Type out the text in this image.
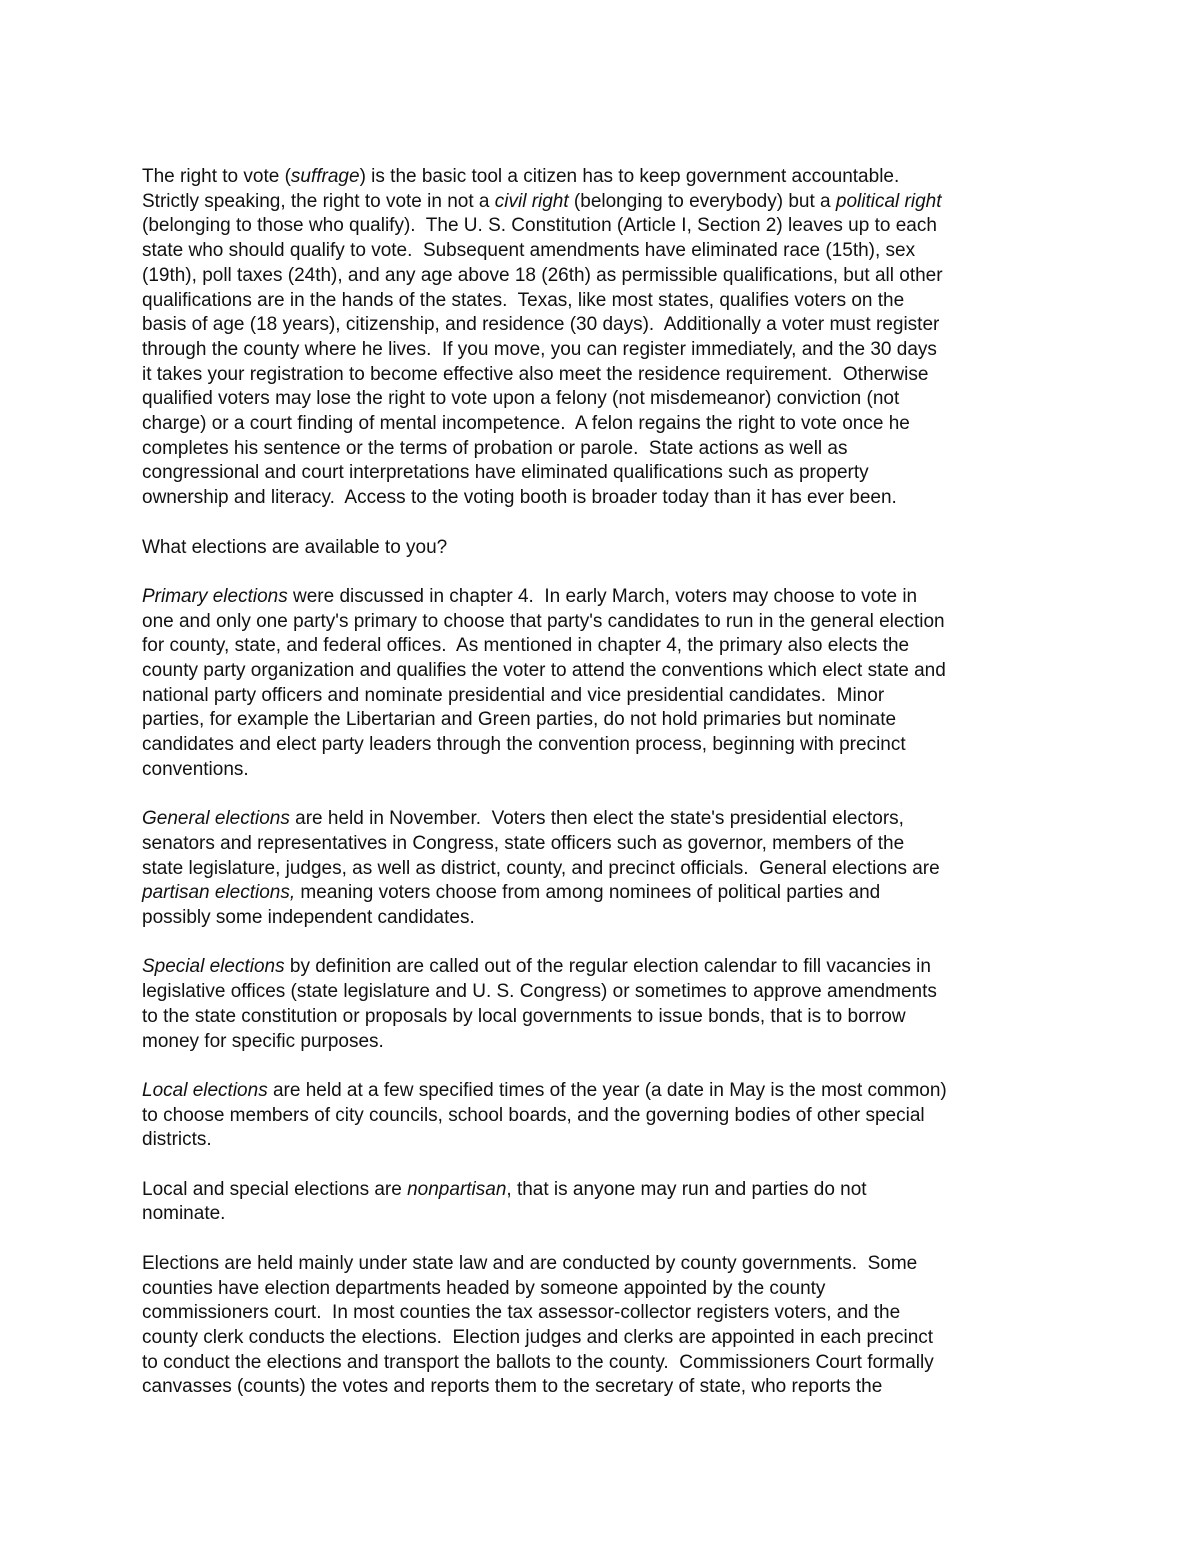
The right to vote (suffrage) is the basic tool a citizen has to keep government accountable.
Strictly speaking, the right to vote in not a civil right (belonging to everybody) but a political right
(belonging to those who qualify).  The U. S. Constitution (Article I, Section 2) leaves up to each
state who should qualify to vote.  Subsequent amendments have eliminated race (15th), sex
(19th), poll taxes (24th), and any age above 18 (26th) as permissible qualifications, but all other
qualifications are in the hands of the states.  Texas, like most states, qualifies voters on the
basis of age (18 years), citizenship, and residence (30 days).  Additionally a voter must register
through the county where he lives.  If you move, you can register immediately, and the 30 days
it takes your registration to become effective also meet the residence requirement.  Otherwise
qualified voters may lose the right to vote upon a felony (not misdemeanor) conviction (not
charge) or a court finding of mental incompetence.  A felon regains the right to vote once he
completes his sentence or the terms of probation or parole.  State actions as well as
congressional and court interpretations have eliminated qualifications such as property
ownership and literacy.  Access to the voting booth is broader today than it has ever been.
What elections are available to you?
Primary elections were discussed in chapter 4.  In early March, voters may choose to vote in
one and only one party's primary to choose that party's candidates to run in the general election
for county, state, and federal offices.  As mentioned in chapter 4, the primary also elects the
county party organization and qualifies the voter to attend the conventions which elect state and
national party officers and nominate presidential and vice presidential candidates.  Minor
parties, for example the Libertarian and Green parties, do not hold primaries but nominate
candidates and elect party leaders through the convention process, beginning with precinct
conventions.
General elections are held in November.  Voters then elect the state's presidential electors,
senators and representatives in Congress, state officers such as governor, members of the
state legislature, judges, as well as district, county, and precinct officials.  General elections are
partisan elections, meaning voters choose from among nominees of political parties and
possibly some independent candidates.
Special elections by definition are called out of the regular election calendar to fill vacancies in
legislative offices (state legislature and U. S. Congress) or sometimes to approve amendments
to the state constitution or proposals by local governments to issue bonds, that is to borrow
money for specific purposes.
Local elections are held at a few specified times of the year (a date in May is the most common)
to choose members of city councils, school boards, and the governing bodies of other special
districts.
Local and special elections are nonpartisan, that is anyone may run and parties do not
nominate.
Elections are held mainly under state law and are conducted by county governments.  Some
counties have election departments headed by someone appointed by the county
commissioners court.  In most counties the tax assessor-collector registers voters, and the
county clerk conducts the elections.  Election judges and clerks are appointed in each precinct
to conduct the elections and transport the ballots to the county.  Commissioners Court formally
canvasses (counts) the votes and reports them to the secretary of state, who reports the
